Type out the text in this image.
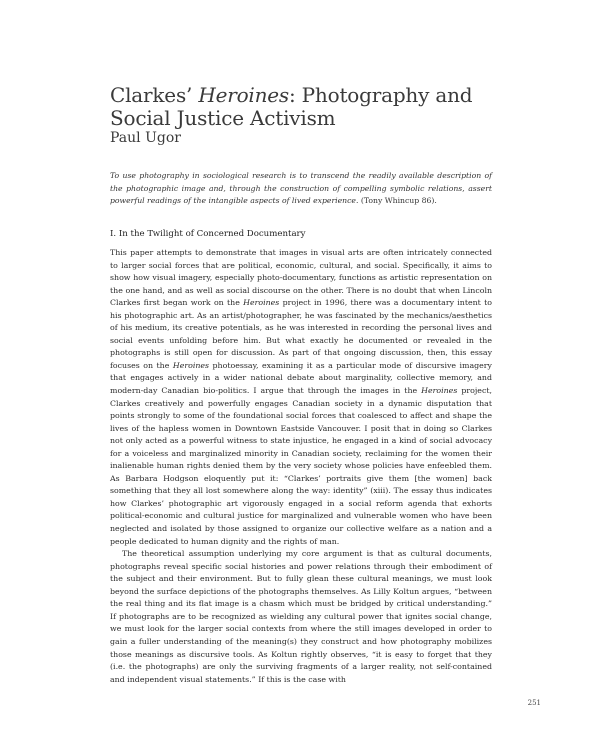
Clarkes’ Heroines: Photography and
Social Justice Activism
Paul Ugor
To use photography in sociological research is to transcend the readily available description of the photographic image and, through the construction of compelling symbolic relations, assert powerful readings of the intangible aspects of lived experience. (Tony Whincup 86).
I. In the Twilight of Concerned Documentary

This paper attempts to demonstrate that images in visual arts are often intricately connected to larger social forces that are political, economic, cultural, and social. Specifically, it aims to show how visual imagery, especially photo-documentary, functions as artistic representation on the one hand, and as well as social discourse on the other. There is no doubt that when Lincoln Clarkes first began work on the Heroines project in 1996, there was a documentary intent to his photographic art. As an artist/photographer, he was fascinated by the mechanics/aesthetics of his medium, its creative potentials, as he was interested in recording the personal lives and social events unfolding before him. But what exactly he documented or revealed in the photographs is still open for discussion. As part of that ongoing discussion, then, this essay focuses on the Heroines photoessay, examining it as a particular mode of discursive imagery that engages actively in a wider national debate about marginality, collective memory, and modern-day Canadian bio-politics. I argue that through the images in the Heroines project, Clarkes creatively and powerfully engages Canadian society in a dynamic disputation that points strongly to some of the foundational social forces that coalesced to affect and shape the lives of the hapless women in Downtown Eastside Vancouver. I posit that in doing so Clarkes not only acted as a powerful witness to state injustice, he engaged in a kind of social advocacy for a voiceless and marginalized minority in Canadian society, reclaiming for the women their inalienable human rights denied them by the very society whose policies have enfeebled them. As Barbara Hodgson eloquently put it: “Clarkes’ portraits give them [the women] back something that they all lost somewhere along the way: identity” (xiii). The essay thus indicates how Clarkes’ photographic art vigorously engaged in a social reform agenda that exhorts political-economic and cultural justice for marginalized and vulnerable women who have been neglected and isolated by those assigned to organize our collective welfare as a nation and a people dedicated to human dignity and the rights of man.

The theoretical assumption underlying my core argument is that as cultural documents, photographs reveal specific social histories and power relations through their embodiment of the subject and their environment. But to fully glean these cultural meanings, we must look beyond the surface depictions of the photographs themselves. As Lilly Koltun argues, “between the real thing and its flat image is a chasm which must be bridged by critical understanding.” If photographs are to be recognized as wielding any cultural power that ignites social change, we must look for the larger social contexts from where the still images developed in order to gain a fuller understanding of the meaning(s) they construct and how photography mobilizes those meanings as discursive tools. As Koltun rightly observes, “it is easy to forget that they (i.e. the photographs) are only the surviving fragments of a larger reality, not self-contained and independent visual statements.” If this is the case with

251
